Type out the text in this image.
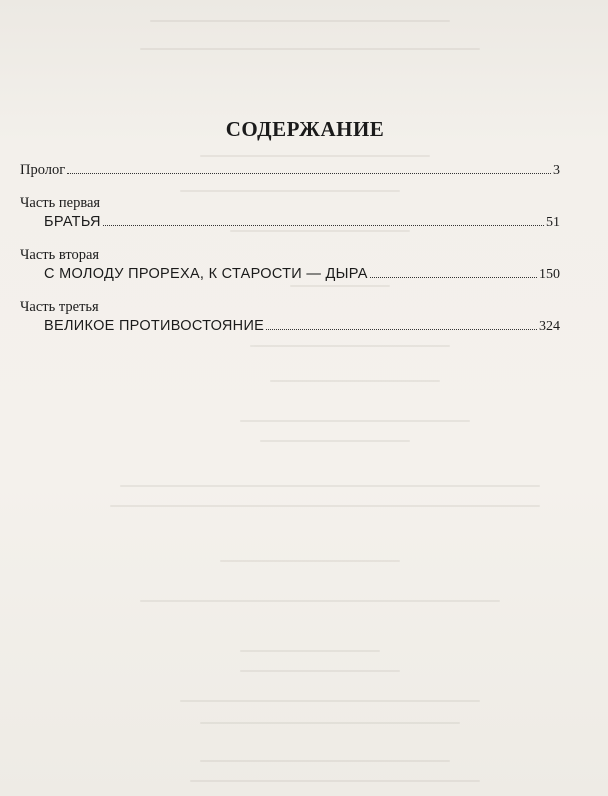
СОДЕРЖАНИЕ
Пролог	3
Часть первая
БРАТЬЯ	51
Часть вторая
С МОЛОДУ ПРОРЕХА, К СТАРОСТИ — ДЫРА	150
Часть третья
ВЕЛИКОЕ ПРОТИВОСТОЯНИЕ	324
